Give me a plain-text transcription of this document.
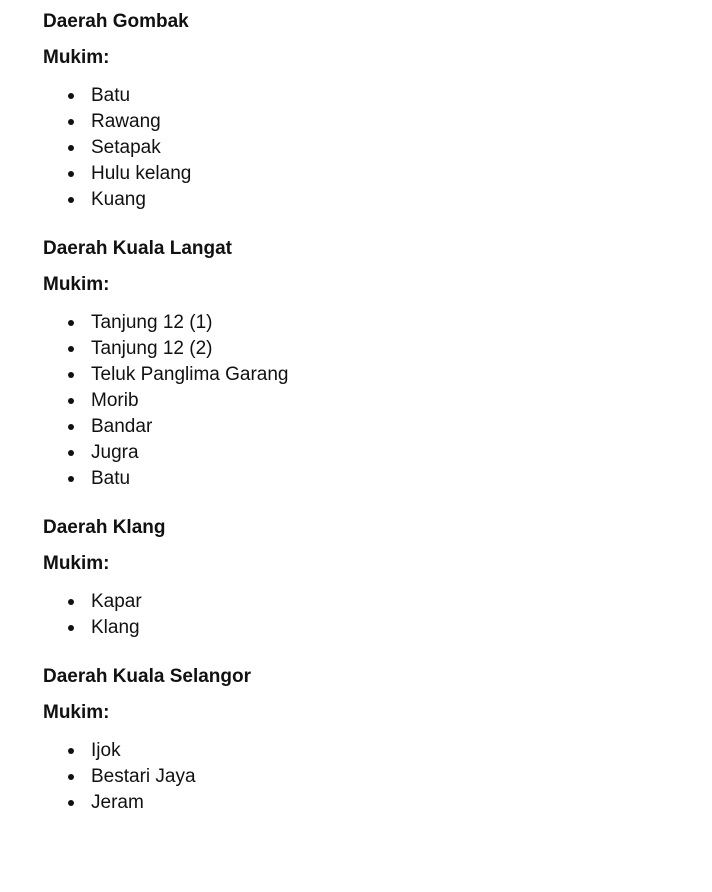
Daerah Gombak
Mukim:
Batu
Rawang
Setapak
Hulu kelang
Kuang
Daerah Kuala Langat
Mukim:
Tanjung 12 (1)
Tanjung 12 (2)
Teluk Panglima Garang
Morib
Bandar
Jugra
Batu
Daerah Klang
Mukim:
Kapar
Klang
Daerah Kuala Selangor
Mukim:
Ijok
Bestari Jaya
Jeram
